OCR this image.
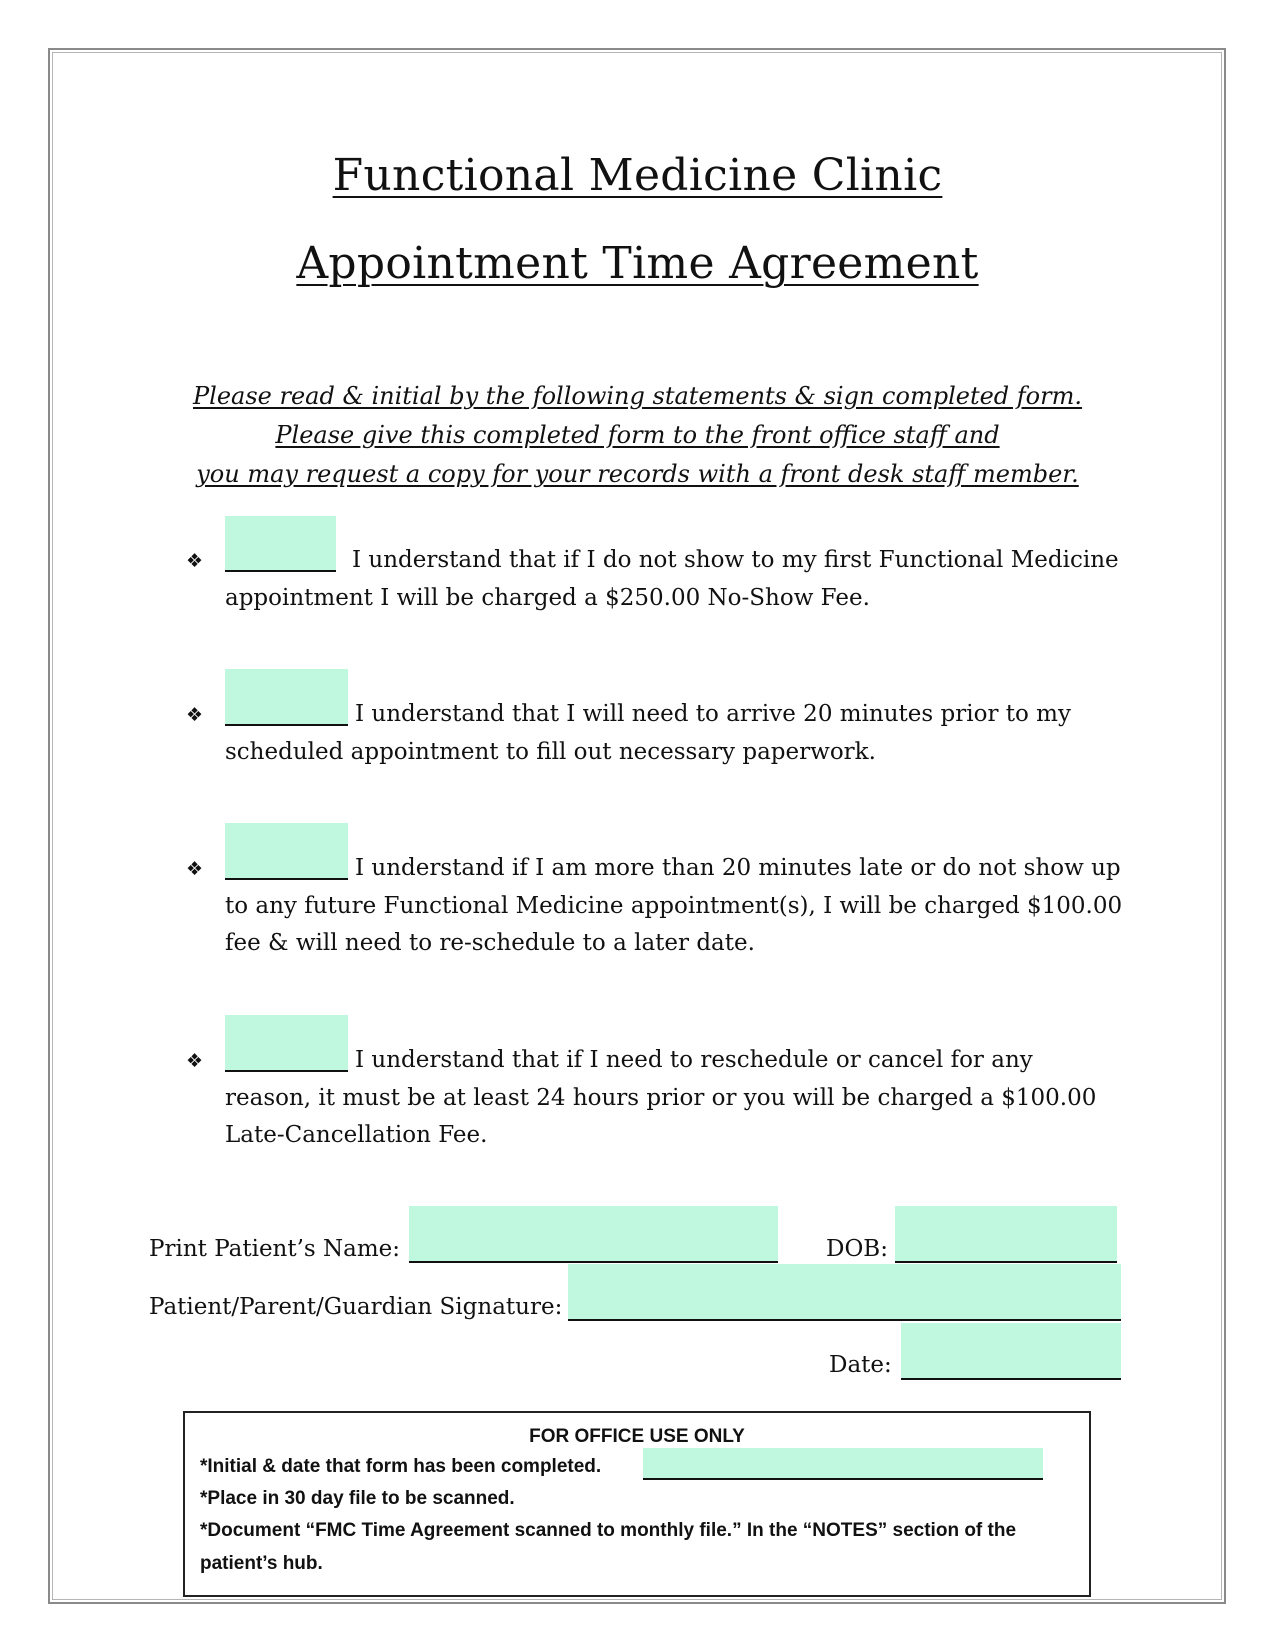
Functional Medicine Clinic
Appointment Time Agreement
Please read & initial by the following statements & sign completed form.
Please give this completed form to the front office staff and
you may request a copy for your records with a front desk staff member.
❖	I understand that if I do not show to my first Functional Medicine
appointment I will be charged a $250.00 No-Show Fee.
❖	I understand that I will need to arrive 20 minutes prior to my
scheduled appointment to fill out necessary paperwork.
❖	I understand if I am more than 20 minutes late or do not show up
to any future Functional Medicine appointment(s), I will be charged $100.00
fee & will need to re-schedule to a later date.
❖	I understand that if I need to reschedule or cancel for any
reason, it must be at least 24 hours prior or you will be charged a $100.00
Late-Cancellation Fee.
Print Patient’s Name:	DOB:
Patient/Parent/Guardian Signature:
Date:
FOR OFFICE USE ONLY
*Initial & date that form has been completed.
*Place in 30 day file to be scanned.
*Document “FMC Time Agreement scanned to monthly file.” In the “NOTES” section of the
patient’s hub.
